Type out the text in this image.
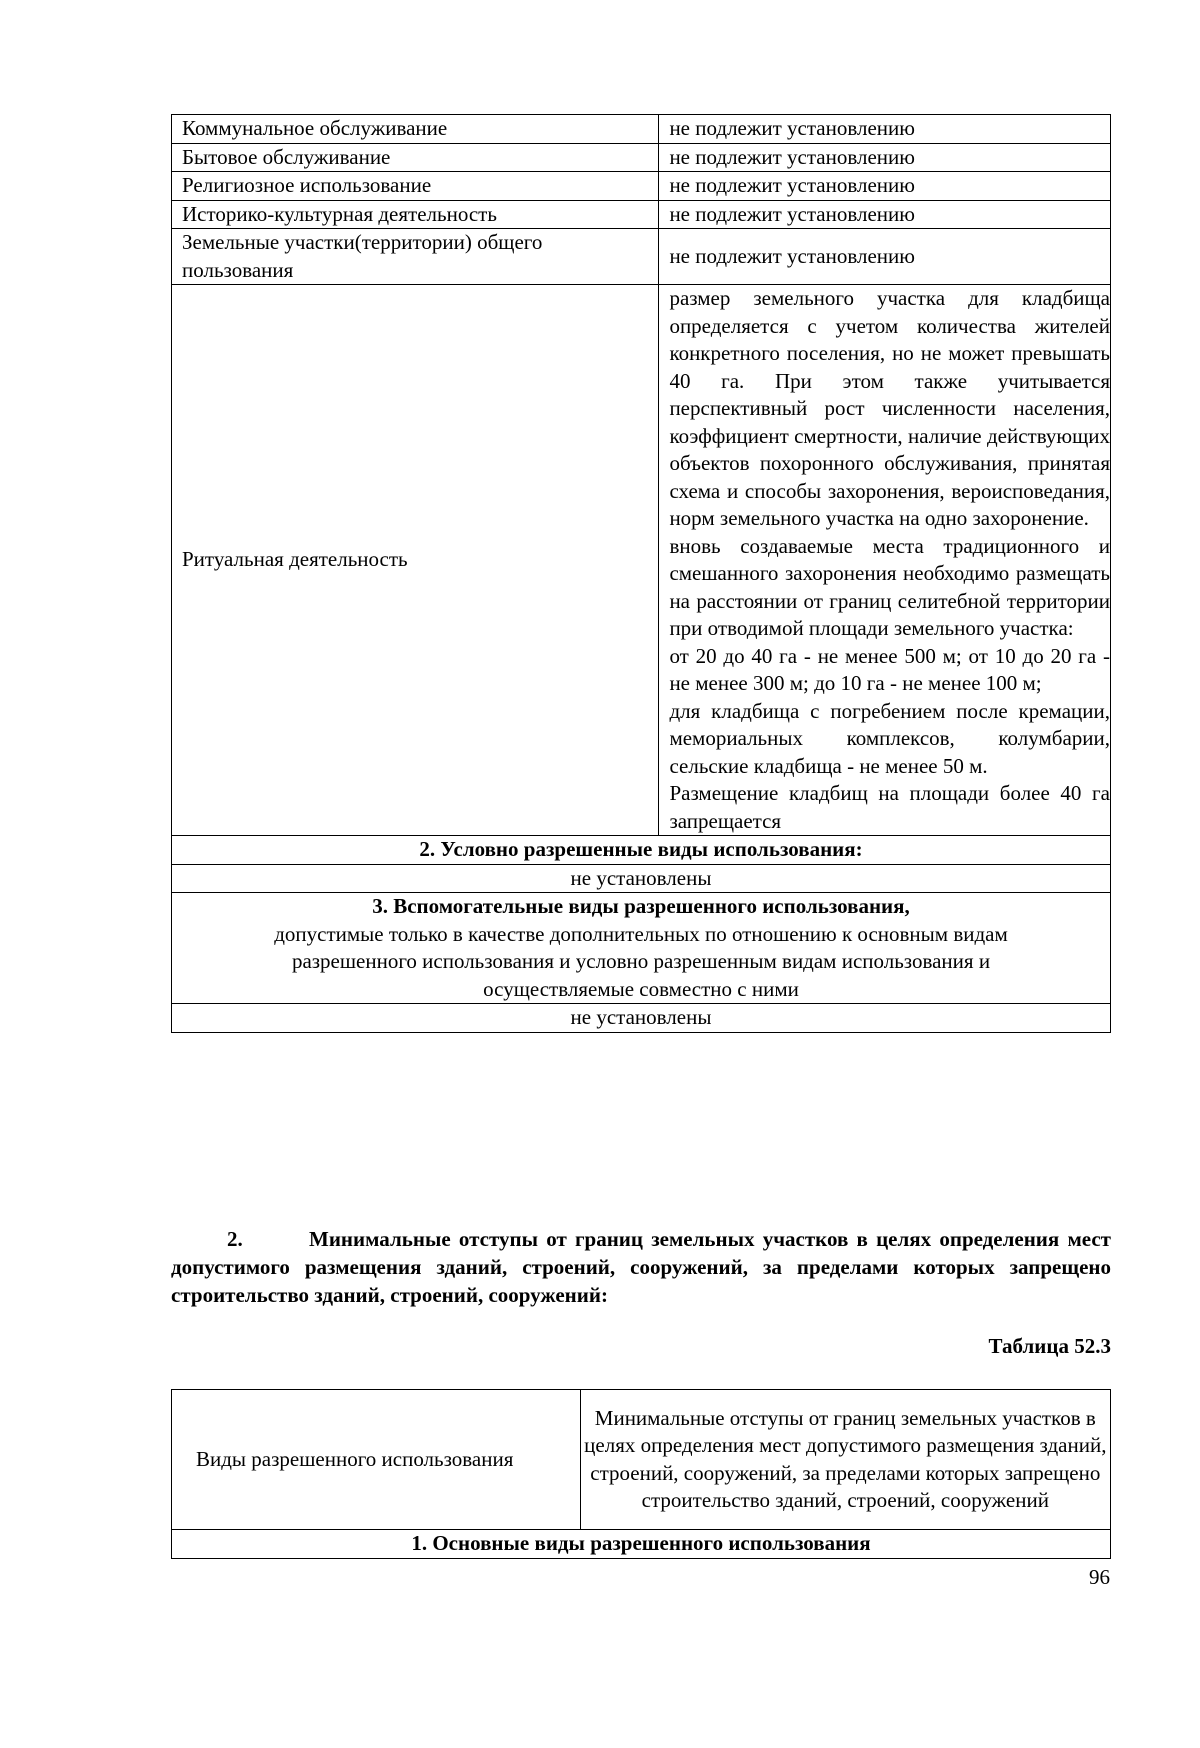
Коммунальное обслуживание	не подлежит установлению
Бытовое обслуживание	не подлежит установлению
Религиозное использование	не подлежит установлению
Историко-культурная деятельность	не подлежит установлению
Земельные участки(территории) общего пользования	не подлежит установлению
Ритуальная деятельность	размер земельного участка для кладбища определяется с учетом количества жителей конкретного поселения, но не может превышать 40 га. При этом также учитывается перспективный рост численности населения, коэффициент смертности, наличие действующих объектов похоронного обслуживания, принятая схема и способы захоронения, вероисповедания, норм земельного участка на одно захоронение.

вновь создаваемые места традиционного и смешанного захоронения необходимо размещать на расстоянии от границ селитебной территории при отводимой площади земельного участка:

от 20 до 40 га - не менее 500 м; от 10 до 20 га - не менее 300 м; до 10 га - не менее 100 м;

для кладбища с погребением после кремации, мемориальных комплексов, колумбарии, сельские кладбища - не менее 50 м.

Размещение кладбищ на площади более 40 га запрещается

2. Условно разрешенные виды использования:	
не установлены	

3. Вспомогательные виды разрешенного использования,

допустимые только в качестве дополнительных по отношению к основным видам разрешенного использования и условно разрешенным видам использования и осуществляемые совместно с ними	

не установлены	

2.	Минимальные отступы от границ земельных участков в целях определения мест допустимого размещения зданий, строений, сооружений, за пределами которых запрещено строительство зданий, строений, сооружений:

Таблица 52.3

Виды разрешенного использования	Минимальные отступы от границ земельных участков в целях определения мест допустимого размещения зданий, строений, сооружений, за пределами которых запрещено строительство зданий, строений, сооружений
1. Основные виды разрешенного использования

96
